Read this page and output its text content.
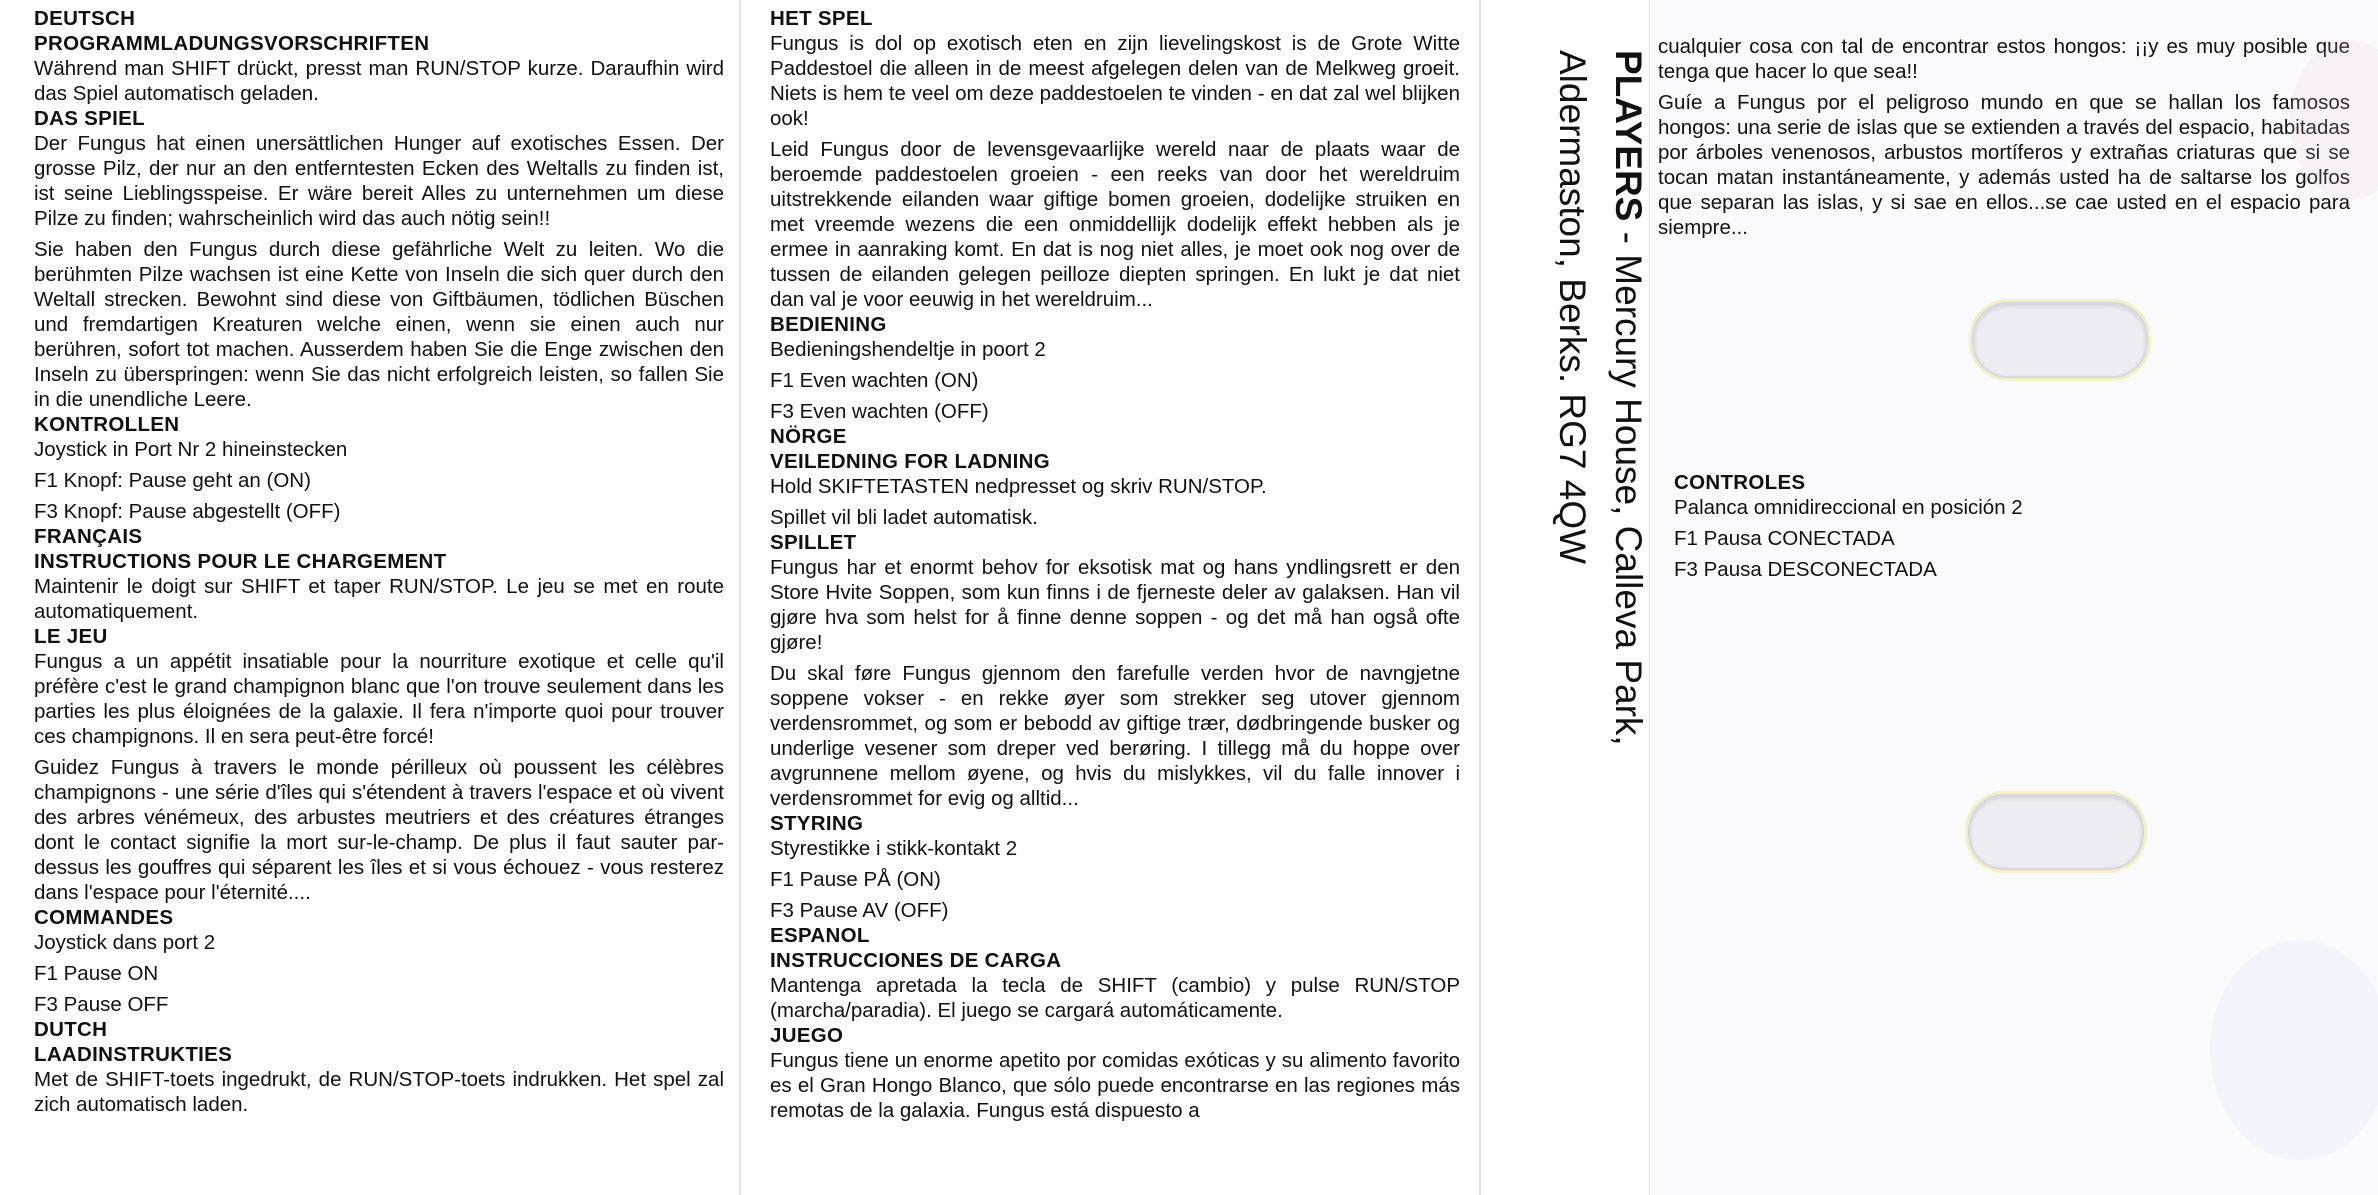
DEUTSCH
PROGRAMMLADUNGSVORSCHRIFTEN
Während man SHIFT drückt, presst man RUN/STOP kurze. Daraufhin wird das Spiel automatisch geladen.
DAS SPIEL
Der Fungus hat einen unersättlichen Hunger auf exotisches Essen. Der grosse Pilz, der nur an den entferntesten Ecken des Weltalls zu finden ist, ist seine Lieblingsspeise. Er wäre bereit Alles zu unternehmen um diese Pilze zu finden; wahrscheinlich wird das auch nötig sein!!
Sie haben den Fungus durch diese gefährliche Welt zu leiten. Wo die berühmten Pilze wachsen ist eine Kette von Inseln die sich quer durch den Weltall strecken. Bewohnt sind diese von Giftbäumen, tödlichen Büschen und fremdartigen Kreaturen welche einen, wenn sie einen auch nur berühren, sofort tot machen. Ausserdem haben Sie die Enge zwischen den Inseln zu überspringen: wenn Sie das nicht erfolgreich leisten, so fallen Sie in die unendliche Leere.
KONTROLLEN
Joystick in Port Nr 2 hineinstecken
F1 Knopf: Pause geht an (ON)
F3 Knopf: Pause abgestellt (OFF)
FRANÇAIS
INSTRUCTIONS POUR LE CHARGEMENT
Maintenir le doigt sur SHIFT et taper RUN/STOP. Le jeu se met en route automatiquement.
LE JEU
Fungus a un appétit insatiable pour la nourriture exotique et celle qu'il préfère c'est le grand champignon blanc que l'on trouve seulement dans les parties les plus éloignées de la galaxie. Il fera n'importe quoi pour trouver ces champignons. Il en sera peut-être forcé!
Guidez Fungus à travers le monde périlleux où poussent les célèbres champignons - une série d'îles qui s'étendent à travers l'espace et où vivent des arbres vénémeux, des arbustes meutriers et des créatures étranges dont le contact signifie la mort sur-le-champ. De plus il faut sauter par-dessus les gouffres qui séparent les îles et si vous échouez - vous resterez dans l'espace pour l'éternité....
COMMANDES
Joystick dans port 2
F1 Pause ON
F3 Pause OFF
DUTCH
LAADINSTRUKTIES
Met de SHIFT-toets ingedrukt, de RUN/STOP-toets indrukken. Het spel zal zich automatisch laden.
HET SPEL
Fungus is dol op exotisch eten en zijn lievelingskost is de Grote Witte Paddestoel die alleen in de meest afgelegen delen van de Melkweg groeit. Niets is hem te veel om deze paddestoelen te vinden - en dat zal wel blijken ook!
Leid Fungus door de levensgevaarlijke wereld naar de plaats waar de beroemde paddestoelen groeien - een reeks van door het wereldruim uitstrekkende eilanden waar giftige bomen groeien, dodelijke struiken en met vreemde wezens die een onmiddellijk dodelijk effekt hebben als je ermee in aanraking komt. En dat is nog niet alles, je moet ook nog over de tussen de eilanden gelegen peilloze diepten springen. En lukt je dat niet dan val je voor eeuwig in het wereldruim...
BEDIENING
Bedieningshendeltje in poort 2
F1 Even wachten (ON)
F3 Even wachten (OFF)
NÖRGE
VEILEDNING FOR LADNING
Hold SKIFTETASTEN nedpresset og skriv RUN/STOP.
Spillet vil bli ladet automatisk.
SPILLET
Fungus har et enormt behov for eksotisk mat og hans yndlingsrett er den Store Hvite Soppen, som kun finns i de fjerneste deler av galaksen. Han vil gjøre hva som helst for å finne denne soppen - og det må han også ofte gjøre!
Du skal føre Fungus gjennom den farefulle verden hvor de navngjetne soppene vokser - en rekke øyer som strekker seg utover gjennom verdensrommet, og som er bebodd av giftige trær, dødbringende busker og underlige vesener som dreper ved berøring. I tillegg må du hoppe over avgrunnene mellom øyene, og hvis du mislykkes, vil du falle innover i verdensrommet for evig og alltid...
STYRING
Styrestikke i stikk-kontakt 2
F1 Pause PÅ (ON)
F3 Pause AV (OFF)
ESPANOL
INSTRUCCIONES DE CARGA
Mantenga apretada la tecla de SHIFT (cambio) y pulse RUN/STOP (marcha/paradia). El juego se cargará automáticamente.
JUEGO
Fungus tiene un enorme apetito por comidas exóticas y su alimento favorito es el Gran Hongo Blanco, que sólo puede encontrarse en las regiones más remotas de la galaxia. Fungus está dispuesto a
PLAYERS - Mercury House, Calleva Park,
Aldermaston, Berks. RG7 4QW
cualquier cosa con tal de encontrar estos hongos: ¡¡y es muy posible que tenga que hacer lo que sea!!
Guíe a Fungus por el peligroso mundo en que se hallan los famosos hongos: una serie de islas que se extienden a través del espacio, habitadas por árboles venenosos, arbustos mortíferos y extrañas criaturas que si se tocan matan instantáneamente, y además usted ha de saltarse los golfos que separan las islas, y si sae en ellos...se cae usted en el espacio para siempre...
CONTROLES
Palanca omnidireccional en posición 2
F1 Pausa CONECTADA
F3 Pausa DESCONECTADA
